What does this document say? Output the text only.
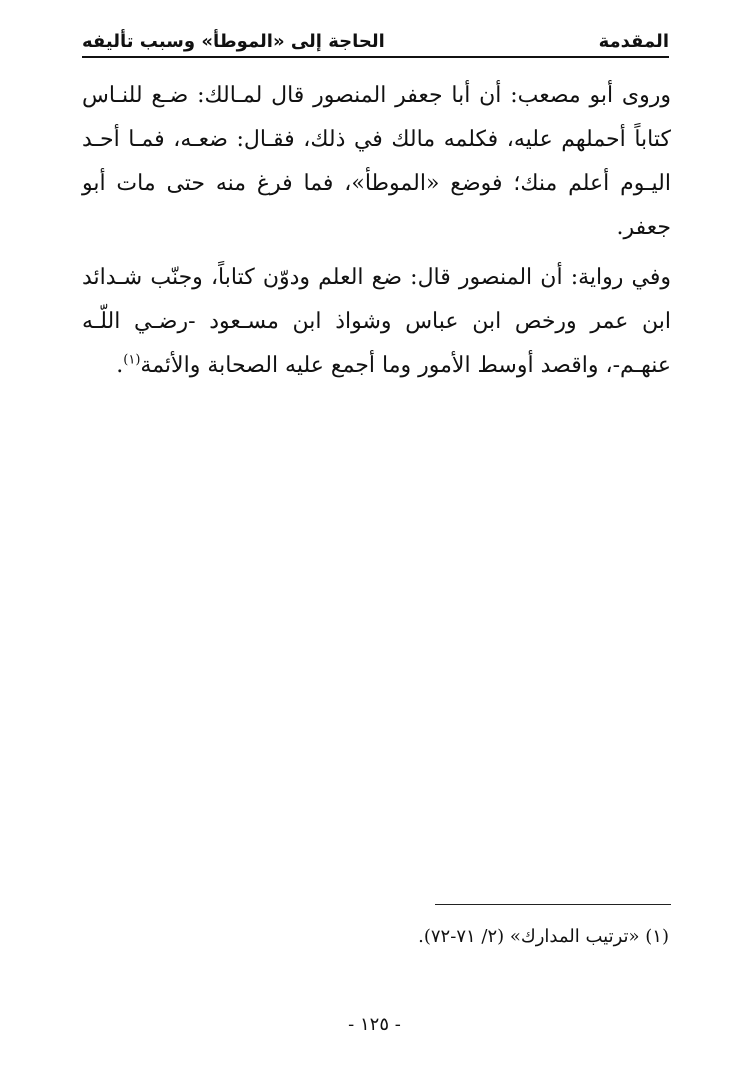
المقدمة
الحاجة إلى «الموطأ» وسبب تأليفه

وروى أبو مصعب: أن أبا جعفر المنصور قال لمـالك: ضـع للنـاس كتاباً أحملهم عليه، فكلمه مالك في ذلك، فقـال: ضعـه، فمـا أحـد اليـوم أعلم منك؛ فوضع «الموطأ»، فما فرغ منه حتى مات أبو جعفر.

وفي رواية: أن المنصور قال: ضع العلم ودوّن كتاباً، وجنّب شـدائد ابن عمر ورخص ابن عباس وشواذ ابن مسـعود -رضـي اللّـه عنهـم-، واقصد أوسط الأمور وما أجمع عليه الصحابة والأئمة$^{(١)}$.

(١) «ترتيب المدارك» (٢/ ٧١-٧٢).
- ١٢٥ -
